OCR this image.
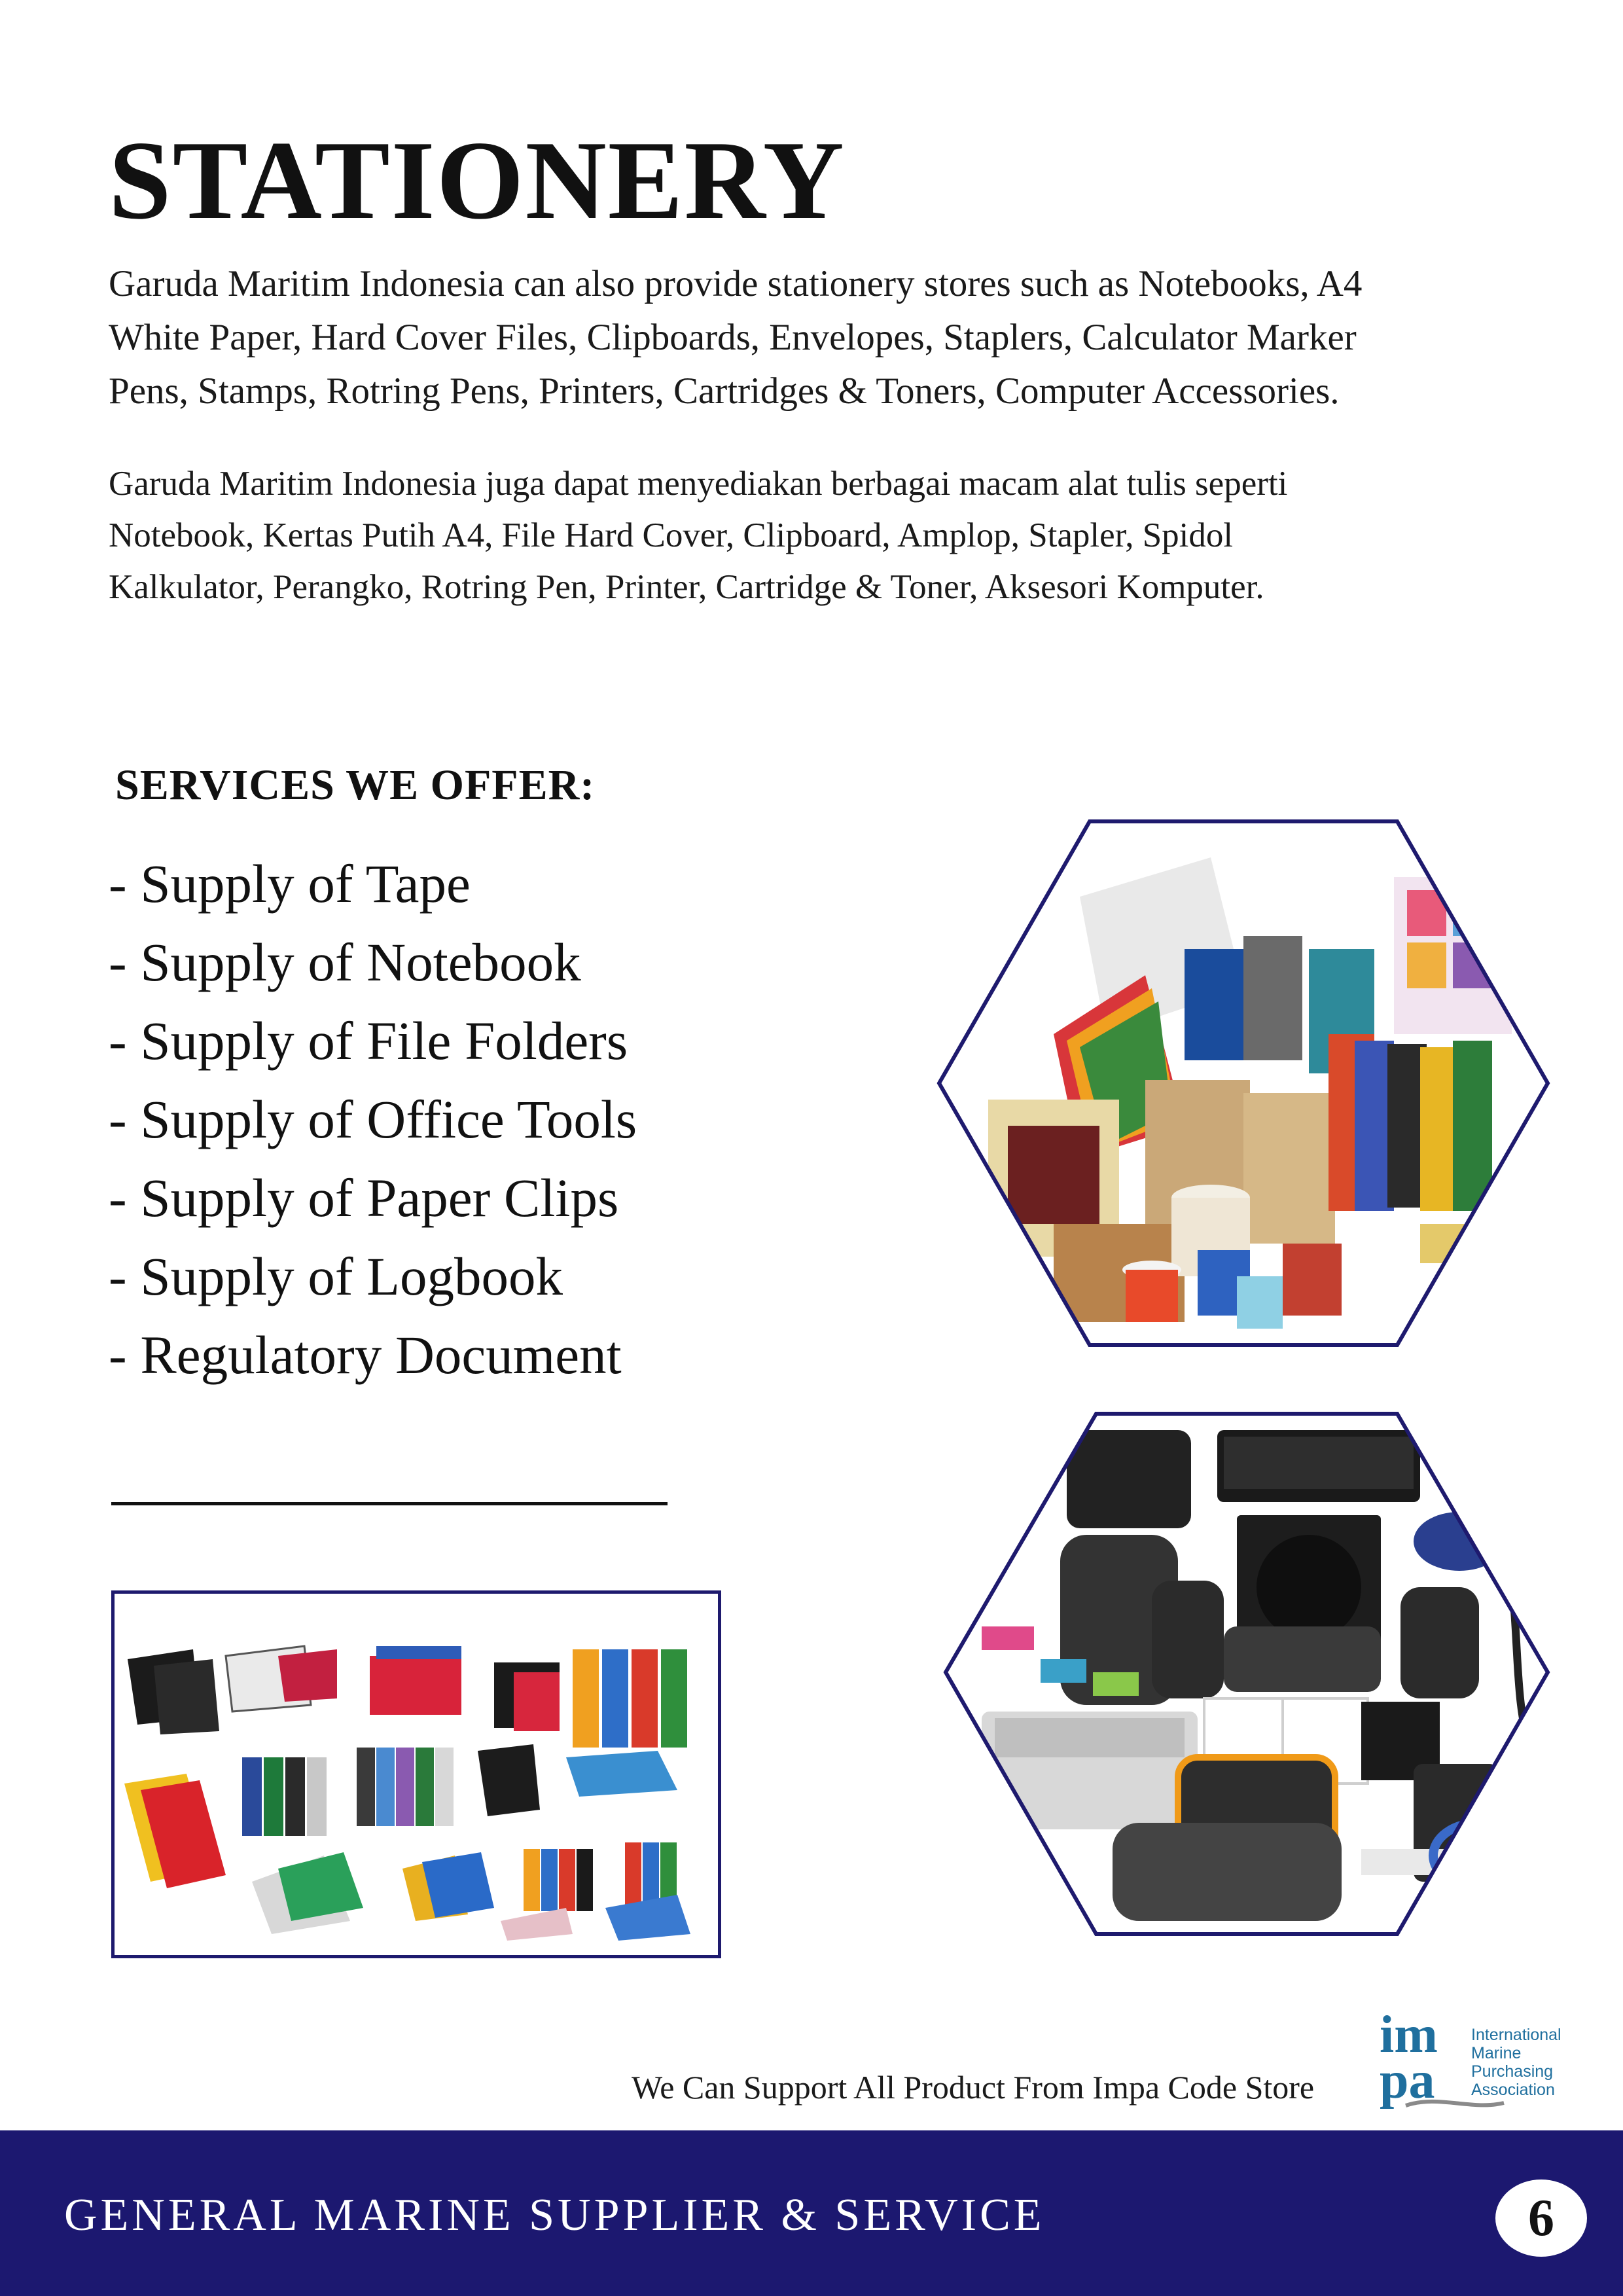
STATIONERY

Garuda Maritim Indonesia can also provide stationery stores such as Notebooks, A4
White Paper, Hard Cover Files, Clipboards, Envelopes, Staplers, Calculator Marker
Pens, Stamps, Rotring Pens, Printers, Cartridges & Toners, Computer Accessories.

Garuda Maritim Indonesia juga dapat menyediakan berbagai macam alat tulis seperti
Notebook, Kertas Putih A4, File Hard Cover, Clipboard, Amplop, Stapler, Spidol
Kalkulator, Perangko, Rotring Pen, Printer, Cartridge & Toner, Aksesori Komputer.

SERVICES WE OFFER:
- Supply of Tape
- Supply of Notebook
- Supply of File Folders
- Supply of Office Tools
- Supply of Paper Clips
- Supply of Logbook
- Regulatory Document

We Can Support All Product From Impa Code Store

im
pa
International
Marine
Purchasing
Association

GENERAL MARINE SUPPLIER & SERVICE	6
